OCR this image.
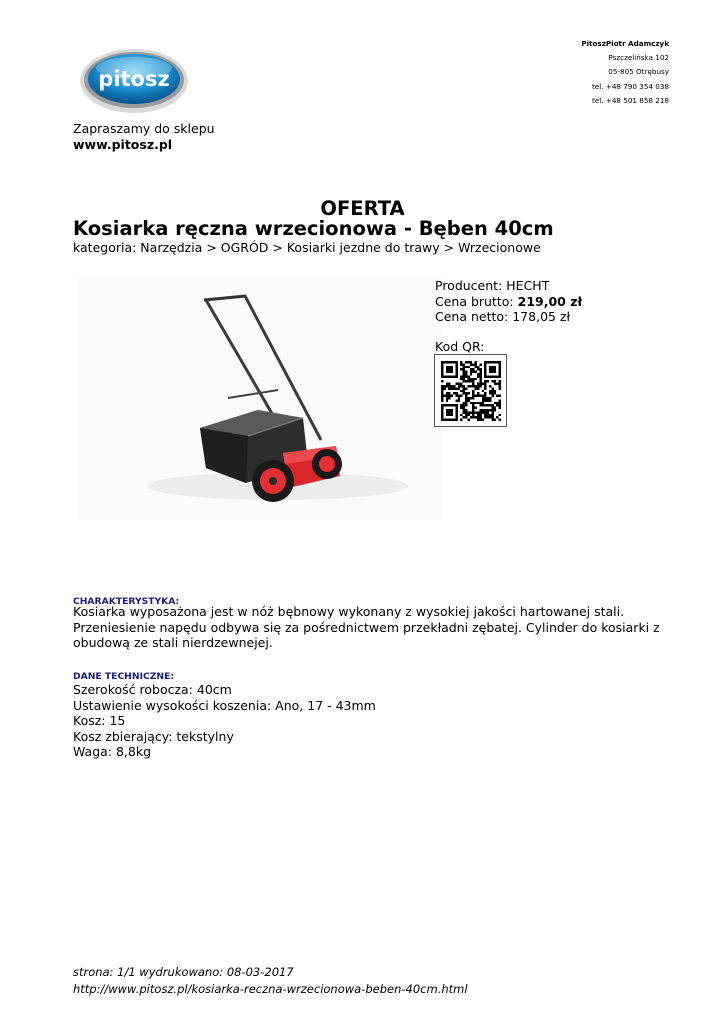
pitosz
PitoszPiotr Adamczyk
Pszczelińska 102
05-805 Otrębusy
tel. +48 790 354 038
tel. +48 501 858 218
Zapraszamy do sklepu
www.pitosz.pl
OFERTA
Kosiarka ręczna wrzecionowa - Bęben 40cm
kategoria: Narzędzia > OGRÓD > Kosiarki jezdne do trawy > Wrzecionowe
Producent: HECHT
Cena brutto: 219,00 zł
Cena netto: 178,05 zł
Kod QR:
CHARAKTERYSTYKA:
Kosiarka wyposażona jest w nóż bębnowy wykonany z wysokiej jakości hartowanej stali. Przeniesienie napędu odbywa się za pośrednictwem przekładni zębatej. Cylinder do kosiarki z obudową ze stali nierdzewnejej.
DANE TECHNICZNE:
Szerokość robocza: 40cm
Ustawienie wysokości koszenia: Ano, 17 - 43mm
Kosz: 15
Kosz zbierający: tekstylny
Waga: 8,8kg
strona: 1/1 wydrukowano: 08-03-2017
http://www.pitosz.pl/kosiarka-reczna-wrzecionowa-beben-40cm.html
